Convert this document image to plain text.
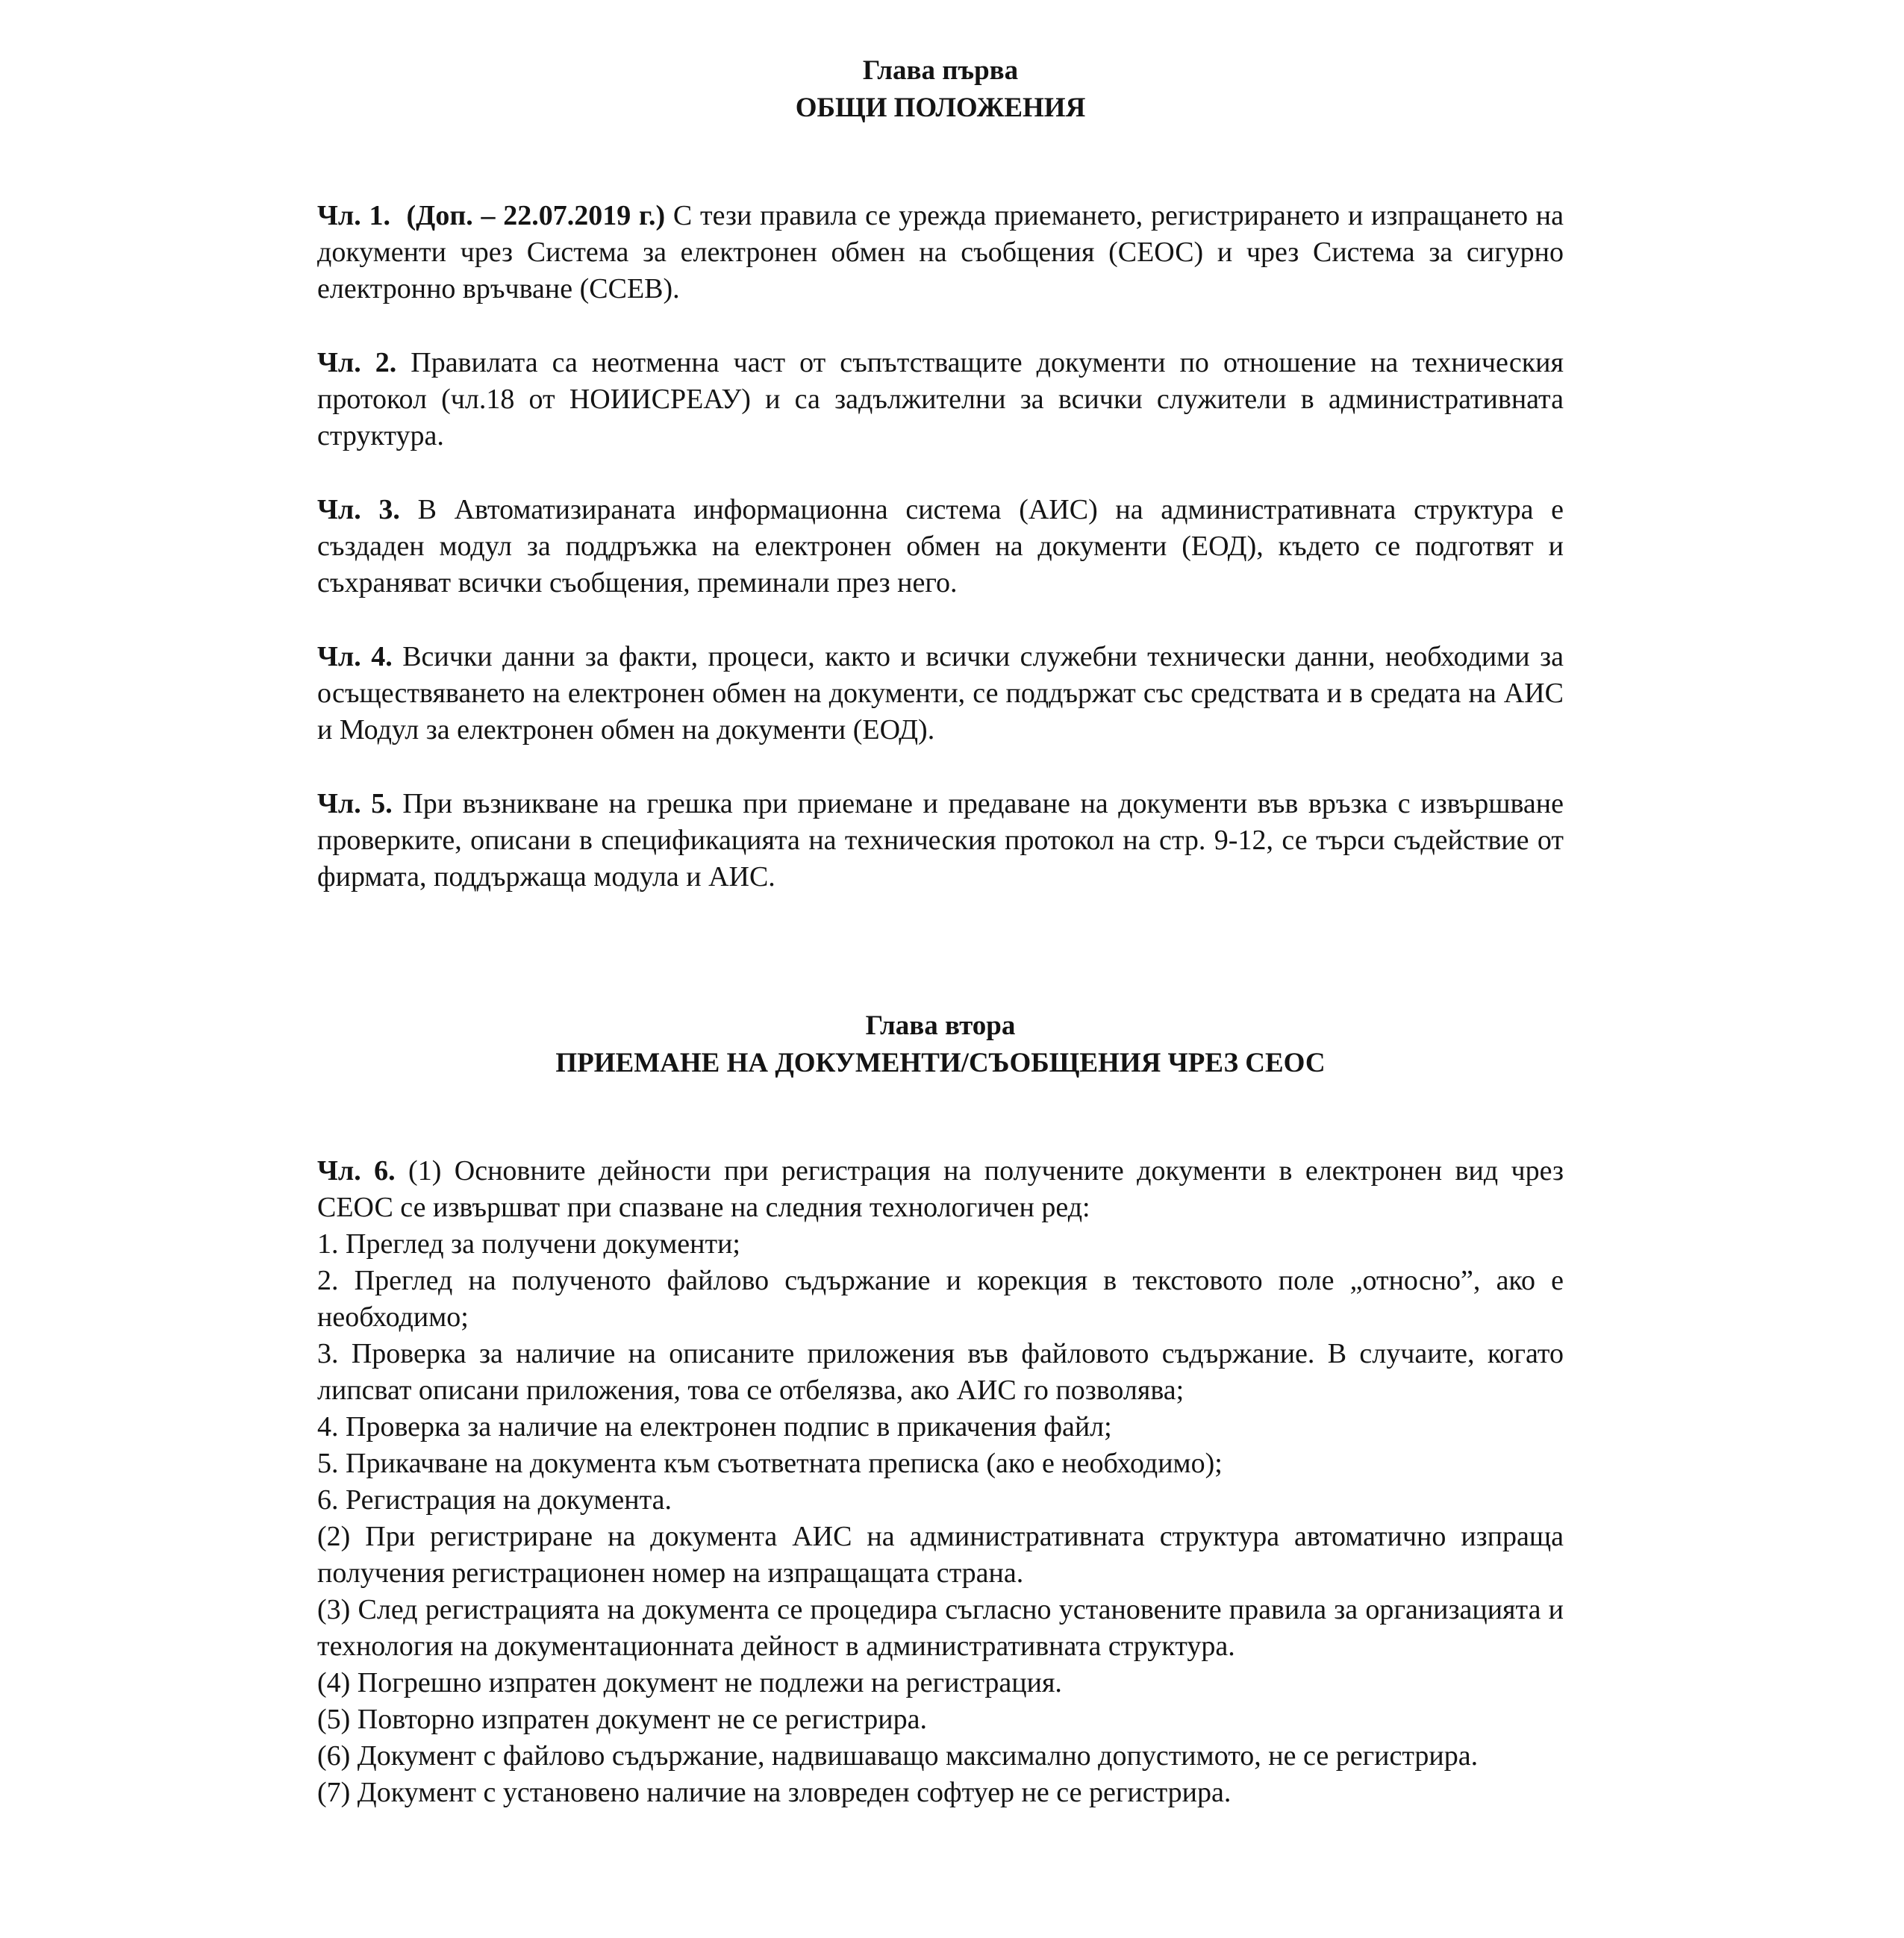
Глава първа
ОБЩИ ПОЛОЖЕНИЯ

Чл. 1. (Доп. – 22.07.2019 г.) С тези правила се урежда приемането, регистрирането и изпращането на документи чрез Система за електронен обмен на съобщения (СЕОС) и чрез Система за сигурно електронно връчване (ССЕВ).

Чл. 2. Правилата са неотменна част от съпътстващите документи по отношение на техническия протокол (чл.18 от НОИИСРЕАУ) и са задължителни за всички служители в административната структура.

Чл. 3. В Автоматизираната информационна система (АИС) на административната структура е създаден модул за поддръжка на електронен обмен на документи (ЕОД), където се подготвят и съхраняват всички съобщения, преминали през него.

Чл. 4. Всички данни за факти, процеси, както и всички служебни технически данни, необходими за осъществяването на електронен обмен на документи, се поддържат със средствата и в средата на АИС и Модул за електронен обмен на документи (ЕОД).

Чл. 5. При възникване на грешка при приемане и предаване на документи във връзка с извършване проверките, описани в спецификацията на техническия протокол на стр. 9-12, се търси съдействие от фирмата, поддържаща модула и АИС.

Глава втора
ПРИЕМАНЕ НА ДОКУМЕНТИ/СЪОБЩЕНИЯ ЧРЕЗ СЕОС

Чл. 6. (1) Основните дейности при регистрация на получените документи в електронен вид чрез СЕОС се извършват при спазване на следния технологичен ред:

1. Преглед за получени документи;

2. Преглед на полученото файлово съдържание и корекция в текстовото поле „относно”, ако е необходимо;

3. Проверка за наличие на описаните приложения във файловото съдържание. В случаите, когато липсват описани приложения, това се отбелязва, ако АИС го позволява;

4. Проверка за наличие на електронен подпис в прикачения файл;

5. Прикачване на документа към съответната преписка (ако е необходимо);

6. Регистрация на документа.

(2) При регистриране на документа АИС на административната структура автоматично изпраща получения регистрационен номер на изпращащата страна.

(3) След регистрацията на документа се процедира съгласно установените правила за организацията и технология на документационната дейност в административната структура.

(4) Погрешно изпратен документ не подлежи на регистрация.

(5) Повторно изпратен документ не се регистрира.

(6) Документ с файлово съдържание, надвишаващо максимално допустимото, не се регистрира.

(7) Документ с установено наличие на зловреден софтуер не се регистрира.
